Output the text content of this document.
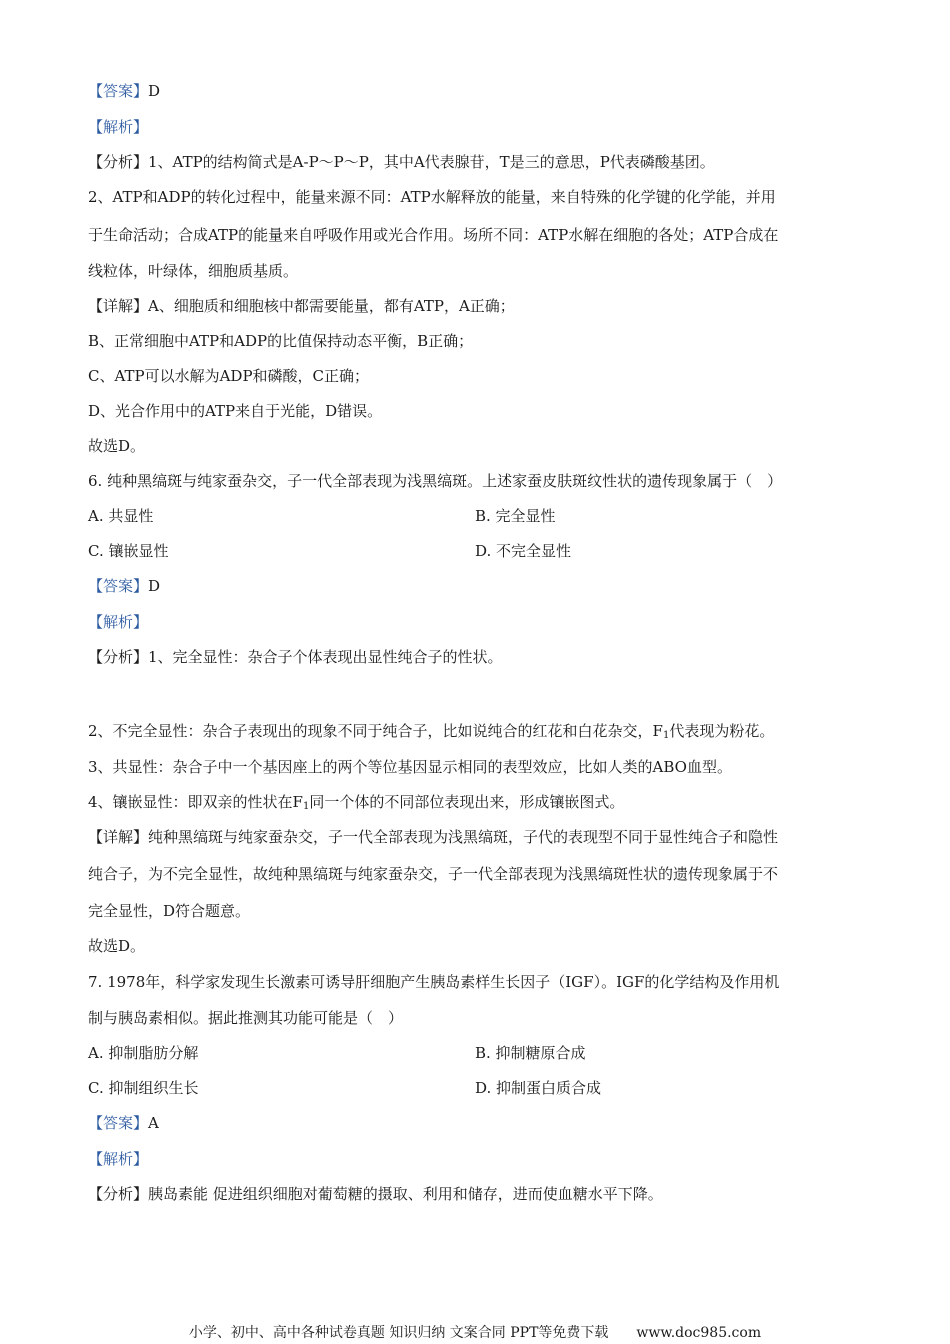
【答案】D
【解析】
【分析】1、ATP的结构简式是A-P～P～P，其中A代表腺苷，T是三的意思，P代表磷酸基团。
2、ATP和ADP的转化过程中，能量来源不同：ATP水解释放的能量，来自特殊的化学键的化学能，并用
于生命活动；合成ATP的能量来自呼吸作用或光合作用。场所不同：ATP水解在细胞的各处；ATP合成在
线粒体，叶绿体，细胞质基质。
【详解】A、细胞质和细胞核中都需要能量，都有ATP，A正确；
B、正常细胞中ATP和ADP的比值保持动态平衡，B正确；
C、ATP可以水解为ADP和磷酸，C正确；
D、光合作用中的ATP来自于光能，D错误。
故选D。
6. 纯种黑缟斑与纯家蚕杂交，子一代全部表现为浅黑缟斑。上述家蚕皮肤斑纹性状的遗传现象属于（　）
A. 共显性	B. 完全显性
C. 镶嵌显性	D. 不完全显性
【答案】D
【解析】
【分析】1、完全显性：杂合子个体表现出显性纯合子的性状。
2、不完全显性：杂合子表现出的现象不同于纯合子，比如说纯合的红花和白花杂交，$F_1$代表现为粉花。
3、共显性：杂合子中一个基因座上的两个等位基因显示相同的表型效应，比如人类的ABO血型。
4、镶嵌显性：即双亲的性状在$F_1$同一个体的不同部位表现出来，形成镶嵌图式。
【详解】纯种黑缟斑与纯家蚕杂交，子一代全部表现为浅黑缟斑，子代的表现型不同于显性纯合子和隐性
纯合子，为不完全显性，故纯种黑缟斑与纯家蚕杂交，子一代全部表现为浅黑缟斑性状的遗传现象属于不
完全显性，D符合题意。
故选D。
7. 1978年，科学家发现生长激素可诱导肝细胞产生胰岛素样生长因子（IGF）。IGF的化学结构及作用机
制与胰岛素相似。据此推测其功能可能是（　）
A. 抑制脂肪分解	B. 抑制糖原合成
C. 抑制组织生长	D. 抑制蛋白质合成
【答案】A
【解析】
【分析】胰岛素能 促进组织细胞对葡萄糖的摄取、利用和储存，进而使血糖水平下降。
小学、初中、高中各种试卷真题 知识归纳 文案合同 PPT等免费下载　　www.doc985.com
